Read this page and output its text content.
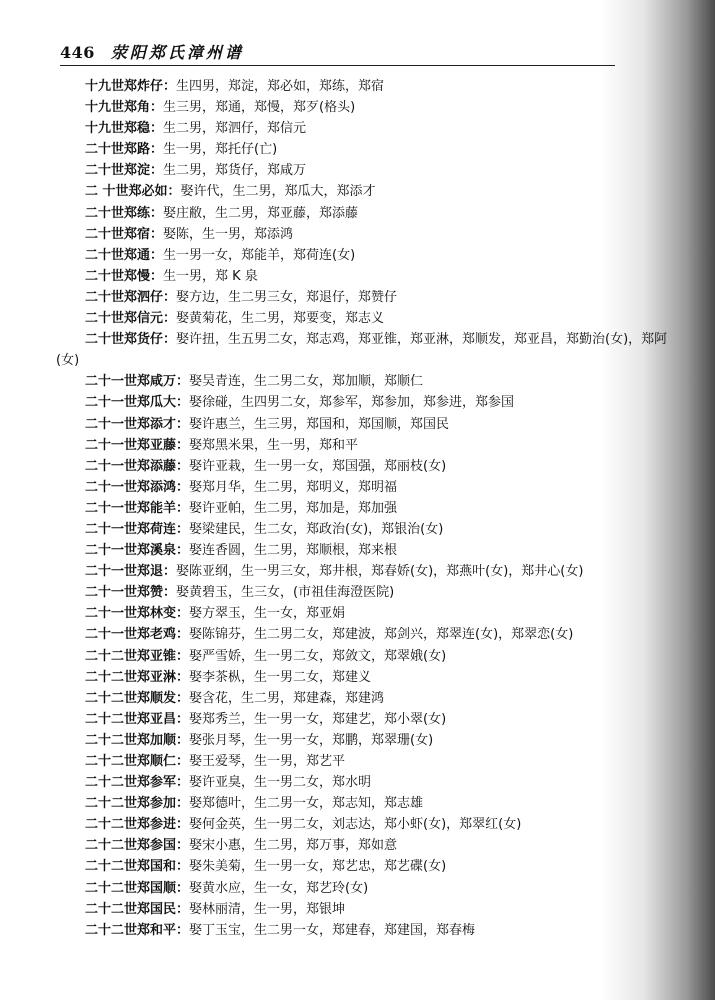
446 荥阳郑氏漳州谱
十九世郑炸仔：生四男，郑淀，郑必如，郑练，郑宿
十九世郑角：生三男，郑通，郑慢，郑歹(格头)
十九世郑稳：生二男，郑泗仔，郑信元
二十世郑路：生一男，郑托仔(亡)
二十世郑淀：生二男，郑货仔，郑咸万
二 十世郑必如：娶许代，生二男，郑瓜大，郑添才
二十世郑练：娶庄敝，生二男，郑亚藤，郑添藤
二十世郑宿：娶陈，生一男，郑添鸿
二十世郑通：生一男一女，郑能羊，郑荷连(女)
二十世郑慢：生一男，郑 K 泉
二十世郑泗仔：娶方边，生二男三女，郑退仔，郑赞仔
二十世郑信元：娶黄菊花，生二男，郑要变，郑志义
二十世郑货仔：娶许扭，生五男二女，郑志鸡，郑亚锥，郑亚淋，郑顺发，郑亚昌，郑勤治(女)，郑阿(女)
二十一世郑咸万：娶吴青连，生二男二女，郑加顺，郑顺仁
二十一世郑瓜大：娶徐碰，生四男二女，郑参军，郑参加，郑参进，郑参国
二十一世郑添才：娶许惠兰，生三男，郑国和，郑国顺，郑国民
二十一世郑亚藤：娶郑黑米果，生一男，郑和平
二十一世郑添藤：娶许亚栽，生一男一女，郑国强，郑丽枝(女)
二十一世郑添鸿：娶郑月华，生二男，郑明义，郑明福
二十一世郑能羊：娶许亚帕，生二男，郑加是，郑加强
二十一世郑荷连：娶梁建民，生二女，郑政治(女)，郑银治(女)
二十一世郑溪泉：娶连香圆，生二男，郑顺根，郑来根
二十一世郑退：娶陈亚纲，生一男三女，郑井根，郑春娇(女)，郑燕叶(女)，郑井心(女)
二十一世郑赞：娶黄碧玉，生三女，(市祖佳海澄医院)
二十一世郑林变：娶方翠玉，生一女，郑亚娟
二十一世郑老鸡：娶陈锦芬，生二男二女，郑建波，郑剑兴，郑翠连(女)，郑翠恋(女)
二十二世郑亚锥：娶严雪娇，生一男二女，郑敛文，郑翠娥(女)
二十二世郑亚淋：娶李茶枞，生一男二女，郑建义
二十二世郑顺发：娶含花，生二男，郑建森，郑建鸿
二十二世郑亚昌：娶郑秀兰，生一男一女，郑建艺，郑小翠(女)
二十二世郑加顺：娶张月琴，生一男一女，郑鹏，郑翠珊(女)
二十二世郑顺仁：娶王爱琴，生一男，郑艺平
二十二世郑参军：娶许亚臭，生一男二女，郑水明
二十二世郑参加：娶郑德叶，生二男一女，郑志知，郑志雄
二十二世郑参进：娶何金英，生一男二女，刘志达，郑小虾(女)，郑翠红(女)
二十二世郑参国：娶宋小惠，生二男，郑万事，郑如意
二十二世郑国和：娶朱美菊，生一男一女，郑艺忠，郑艺碟(女)
二十二世郑国顺：娶黄水应，生一女，郑艺玲(女)
二十二世郑国民：娶林丽清，生一男，郑银坤
二十二世郑和平：娶丁玉宝，生二男一女，郑建春，郑建国，郑春梅
